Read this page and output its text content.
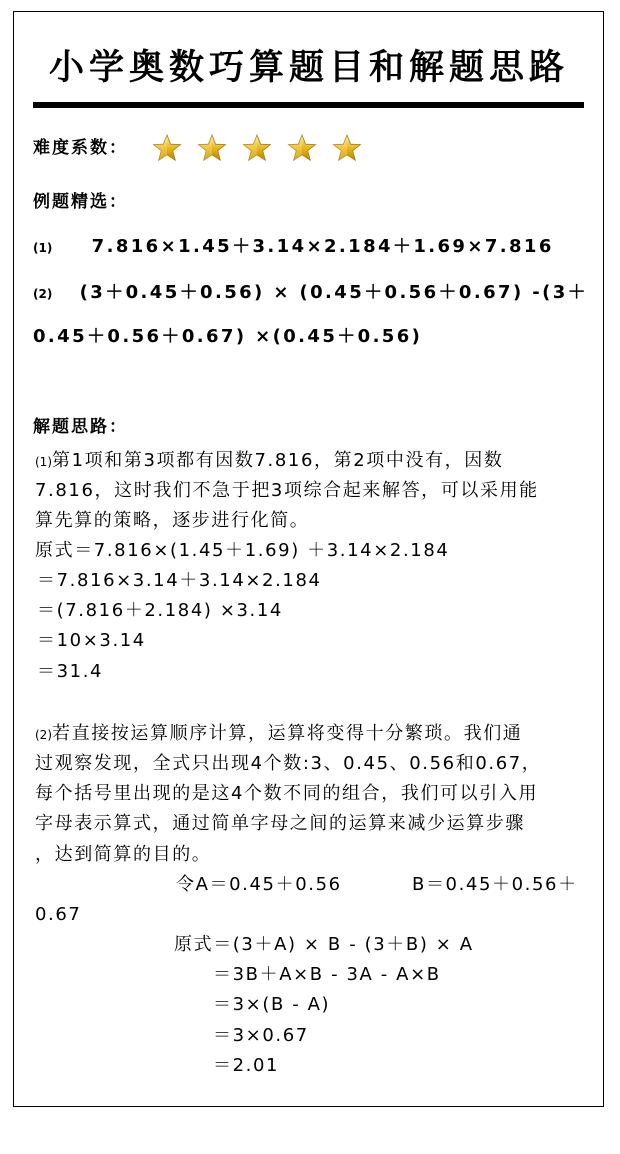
小学奥数巧算题目和解题思路
难度系数：
例题精选：
(1) 7.816×1.45＋3.14×2.184＋1.69×7.816
(2) (3＋0.45＋0.56) × (0.45＋0.56＋0.67) -(3＋
0.45＋0.56＋0.67) ×(0.45＋0.56)
解题思路：
(1)第1项和第3项都有因数7.816，第2项中没有，因数
7.816，这时我们不急于把3项综合起来解答，可以采用能
算先算的策略，逐步进行化简。
原式＝7.816×(1.45＋1.69) ＋3.14×2.184
＝7.816×3.14＋3.14×2.184
＝(7.816＋2.184) ×3.14
＝10×3.14
＝31.4
(2)若直接按运算顺序计算，运算将变得十分繁琐。我们通
过观察发现，全式只出现4个数:3、0.45、0.56和0.67，
每个括号里出现的是这4个数不同的组合，我们可以引入用
字母表示算式，通过简单字母之间的运算来减少运算步骤
，达到简算的目的。
令A＝0.45＋0.56	B＝0.45＋0.56＋
0.67
原式＝(3＋A) × B - (3＋B) × A
＝3B＋A×B - 3A - A×B
＝3×(B - A)
＝3×0.67
＝2.01
